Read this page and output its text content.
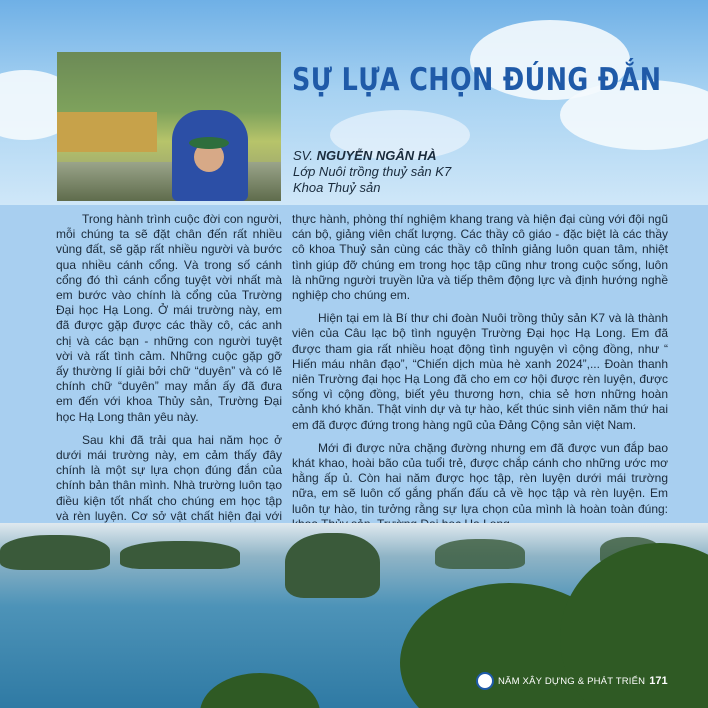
SỰ LỰA CHỌN ĐÚNG ĐẮN
SV. NGUYỄN NGÂN HÀ
Lớp Nuôi trồng thuỷ sản K7
Khoa Thuỷ sản

Trong hành trình cuộc đời con người, mỗi chúng ta sẽ đặt chân đến rất nhiều vùng đất, sẽ gặp rất nhiều người và bước qua nhiều cánh cổng. Và trong số cánh cổng đó thì cánh cổng tuyệt vời nhất mà em bước vào chính là cổng của Trường Đại học Hạ Long. Ở mái trường này, em đã được gặp được các thầy cô, các anh chị và các bạn - những con người tuyệt vời và rất tình cảm. Những cuộc gặp gỡ ấy thường lí giải bởi chữ “duyên” và có lẽ chính chữ “duyên” may mắn ấy đã đưa em đến với khoa Thủy sản, Trường Đại học Hạ Long thân yêu này.

Sau khi đã trải qua hai năm học ở dưới mái trường này, em cảm thấy đây chính là một sự lựa chọn đúng đắn của chính bản thân mình. Nhà trường luôn tạo điều kiện tốt nhất cho chúng em học tập và rèn luyện. Cơ sở vật chất hiện đại với

thực hành, phòng thí nghiệm khang trang và hiện đại cùng với đội ngũ cán bộ, giảng viên chất lượng. Các thầy cô giáo - đặc biệt là các thầy cô khoa Thuỷ sản cùng các thầy cô thỉnh giảng luôn quan tâm, nhiệt tình giúp đỡ chúng em trong học tập cũng như trong cuộc sống, luôn là những người truyền lửa và tiếp thêm động lực và định hướng nghề nghiệp cho chúng em.

Hiện tại em là Bí thư chi đoàn Nuôi trồng thủy sản K7 và là thành viên của Câu lạc bộ tình nguyện Trường Đại học Hạ Long. Em đã được tham gia rất nhiều hoạt động tình nguyện vì cộng đồng, như “ Hiến máu nhân đạo”, “Chiến dịch mùa hè xanh 2024”,... Đoàn thanh niên Trường đại học Hạ Long đã cho em cơ hội được rèn luyện, được sống vì cộng đồng, biết yêu thương hơn, chia sẻ hơn những hoàn cảnh khó khăn. Thật vinh dự và tự hào, kết thúc sinh viên năm thứ hai em đã được đứng trong hàng ngũ của Đảng Cộng sản việt Nam.

Mới đi được nửa chặng đường nhưng em đã được vun đắp bao khát khao, hoài bão của tuổi trẻ, được chắp cánh cho những ước mơ hằng ấp ủ. Còn hai năm được học tập, rèn luyện dưới mái trường nữa, em sẽ luôn cố gắng phấn đấu cả về học tập và rèn luyện. Em luôn tự hào, tin tưởng rằng sự lựa chọn của mình là hoàn toàn đúng:

NĂM XÂY DỰNG & PHÁT TRIỂN 171
